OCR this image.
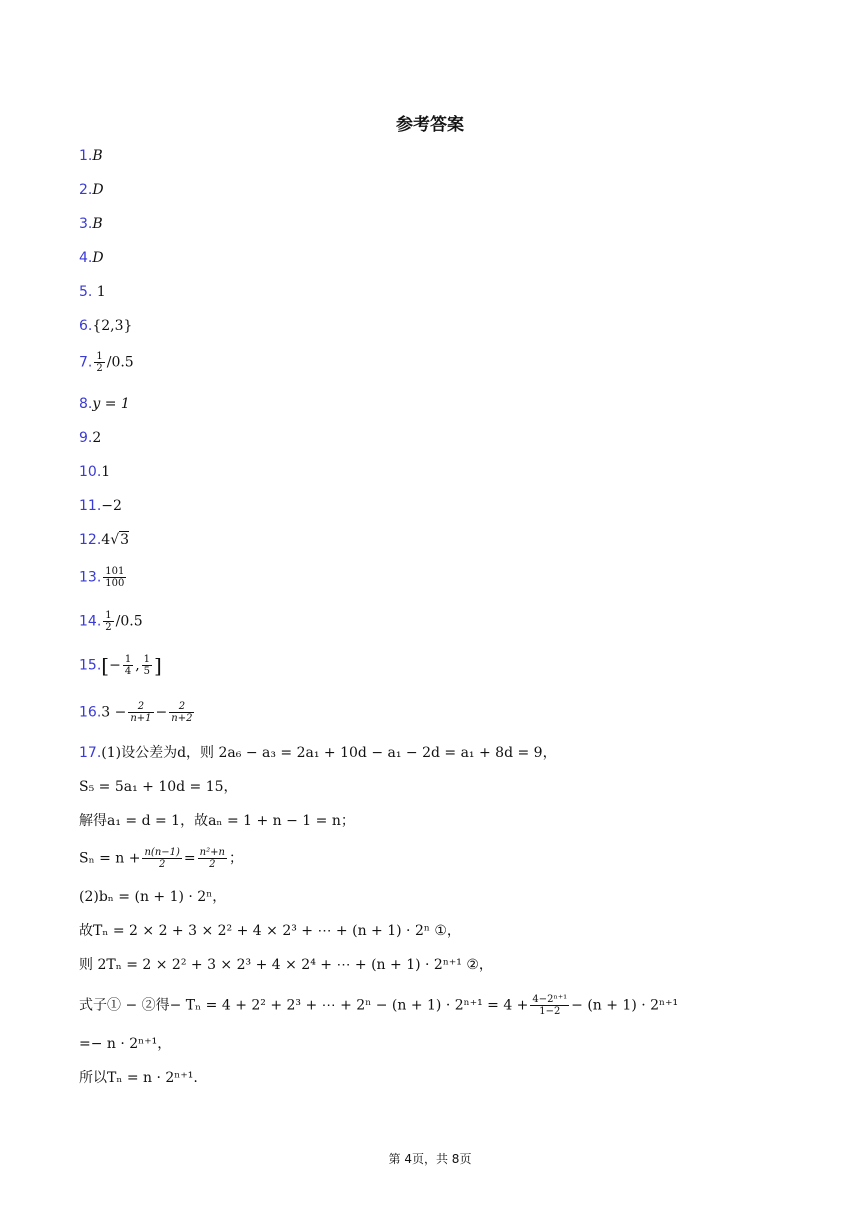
参考答案
1.B
2.D
3.B
4.D
5. 1
6.{2,3}
7. $\frac{1}{2} /0.5$
8.y = 1
9.2
10.1
11.−2
12.4√3
13. $\frac{101}{100}$
14. $\frac{1}{2} /0.5$
$15.[- \frac{1}{4}$ , $\frac{1}{5}$ ]
$16.3 - \frac{2}{n+1} - \frac{2}{n+2}$
17.(1)设公差为d，则 2a₆ − a₃ = 2a₁ + 10d − a₁ − 2d = a₁ + 8d = 9，
S₅ = 5a₁ + 10d = 15，
解得a₁ = d = 1，故aₙ = 1 + n − 1 = n；
$S_n = n + \frac{n(n-1)}{2} = \frac{\text{n²+n}}{2}$ ；
(2)bₙ = (n + 1) · 2ⁿ，
故Tₙ = 2 × 2 + 3 × 2² + 4 × 2³ + ⋯ + (n + 1) · 2ⁿ ①，
则 2Tₙ = 2 × 2² + 3 × 2³ + 4 × 2⁴ + ⋯ + (n + 1) · 2ⁿ⁺¹ ②，
式子① − ②得− Tₙ = 4 + 2² + 2³ + ⋯ + $2^n - (n + 1) \cdot 2^{n+1} = 4 + \frac{\text{4−2ⁿ⁺¹}}{1-2} - (n + 1) \cdot 2^{n+1}$
=− n · 2ⁿ⁺¹，
所以Tₙ = n · 2ⁿ⁺¹.
第 4页，共 8页
